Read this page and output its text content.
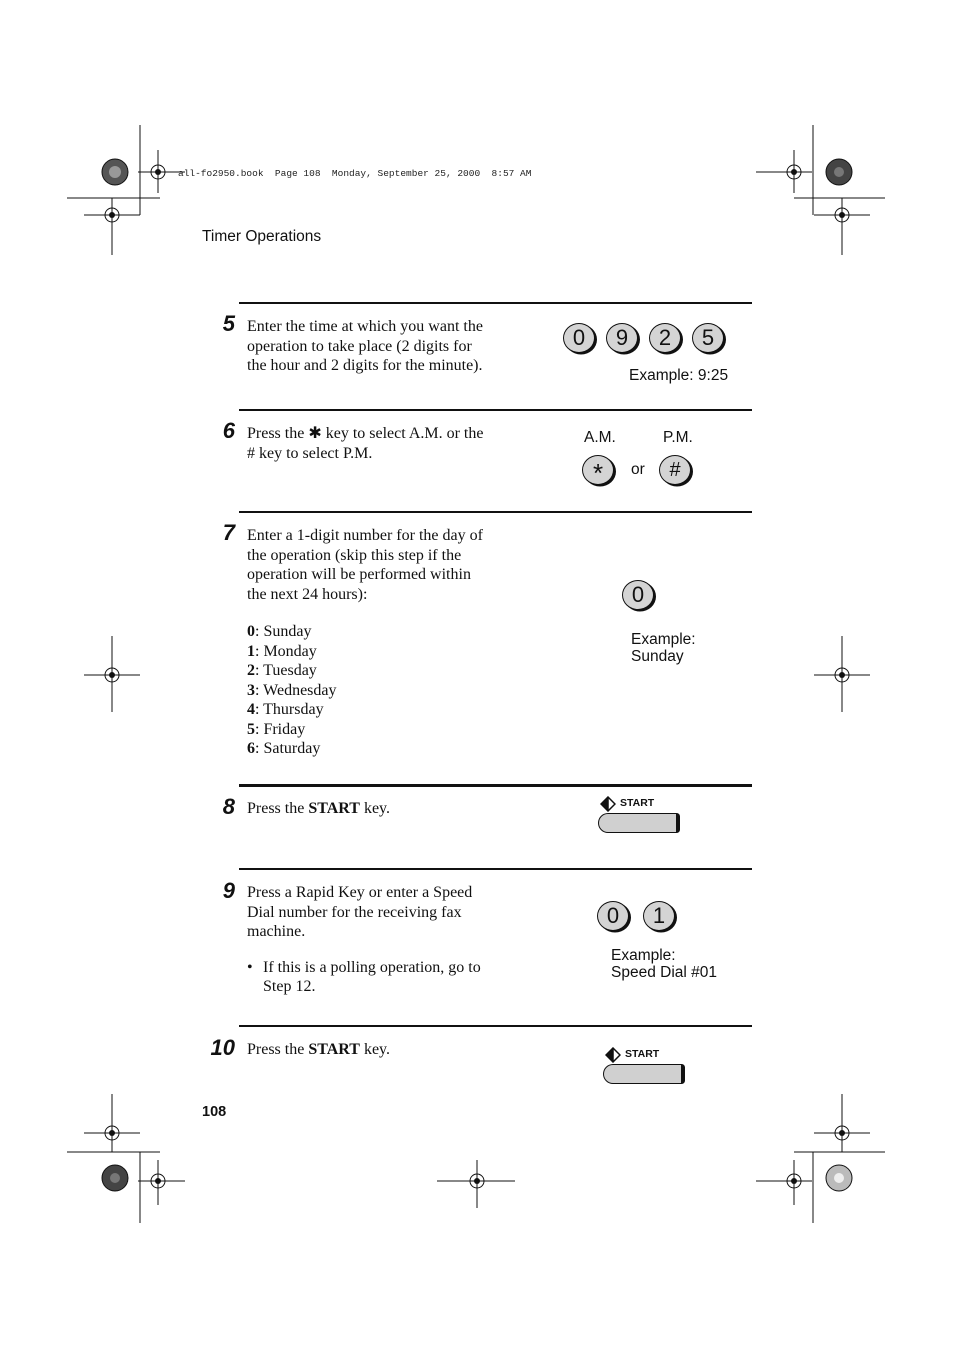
all-fo2950.book  Page 108  Monday, September 25, 2000  8:57 AM
Timer Operations
5 Enter the time at which you want the

operation to take place (2 digits for

the hour and 2 digits for the minute).

0	9	2	5
Example: 9:25
6 Press the ✱ key to select A.M. or the

# key to select P.M.

A.M.	P.M.
*	or	#
7 Enter a 1-digit number for the day of

the operation (skip this step if the

operation will be performed within

the next 24 hours):

0: Sunday

1: Monday

2: Tuesday

3: Wednesday

4: Thursday

5: Friday

6: Saturday

0
Example:
Sunday
8 Press the START key.	START
9 Press a Rapid Key or enter a Speed

Dial number for the receiving fax

machine.

• If this is a polling operation, go to

Step 12.

0	1
Example:
Speed Dial #01
10 Press the START key.	START
108
